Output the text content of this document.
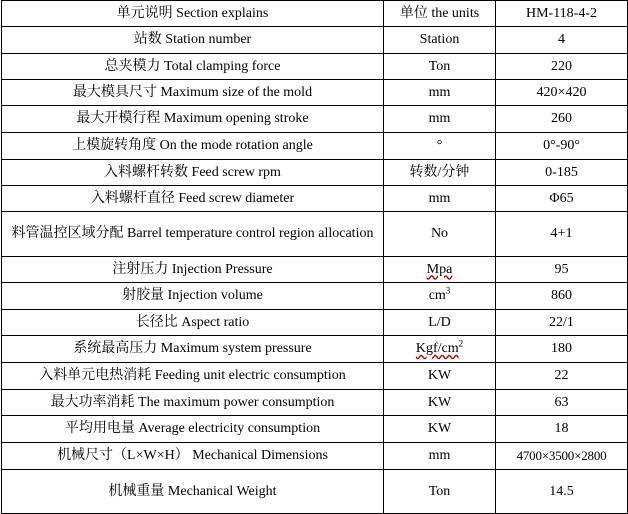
单元说明 Section explains	单位 the units	HM-118-4-2
站数 Station number	Station	4
总夹模力 Total clamping force	Ton	220
最大模具尺寸 Maximum size of the mold	mm	420×420
最大开模行程 Maximum opening stroke	mm	260
上模旋转角度 On the mode rotation angle	°	0°-90°
入料螺杆转数 Feed screw rpm	转数/分钟	0-185
入料螺杆直径 Feed screw diameter	mm	Φ65
料管温控区域分配 Barrel temperature control region allocation	No	4+1
注射压力 Injection Pressure	Mpa	95
射胶量 Injection volume	$cm^3$	860
长径比 Aspect ratio	L/D	22/1
系统最高压力 Maximum system pressure	Kgf/$cm^2$	180
入料单元电热消耗 Feeding unit electric consumption	KW	22
最大功率消耗 The maximum power consumption	KW	63
平均用电量 Average electricity consumption	KW	18
机械尺寸（L×W×H） Mechanical Dimensions	mm	4700×3500×2800
机械重量 Mechanical Weight	Ton	14.5
